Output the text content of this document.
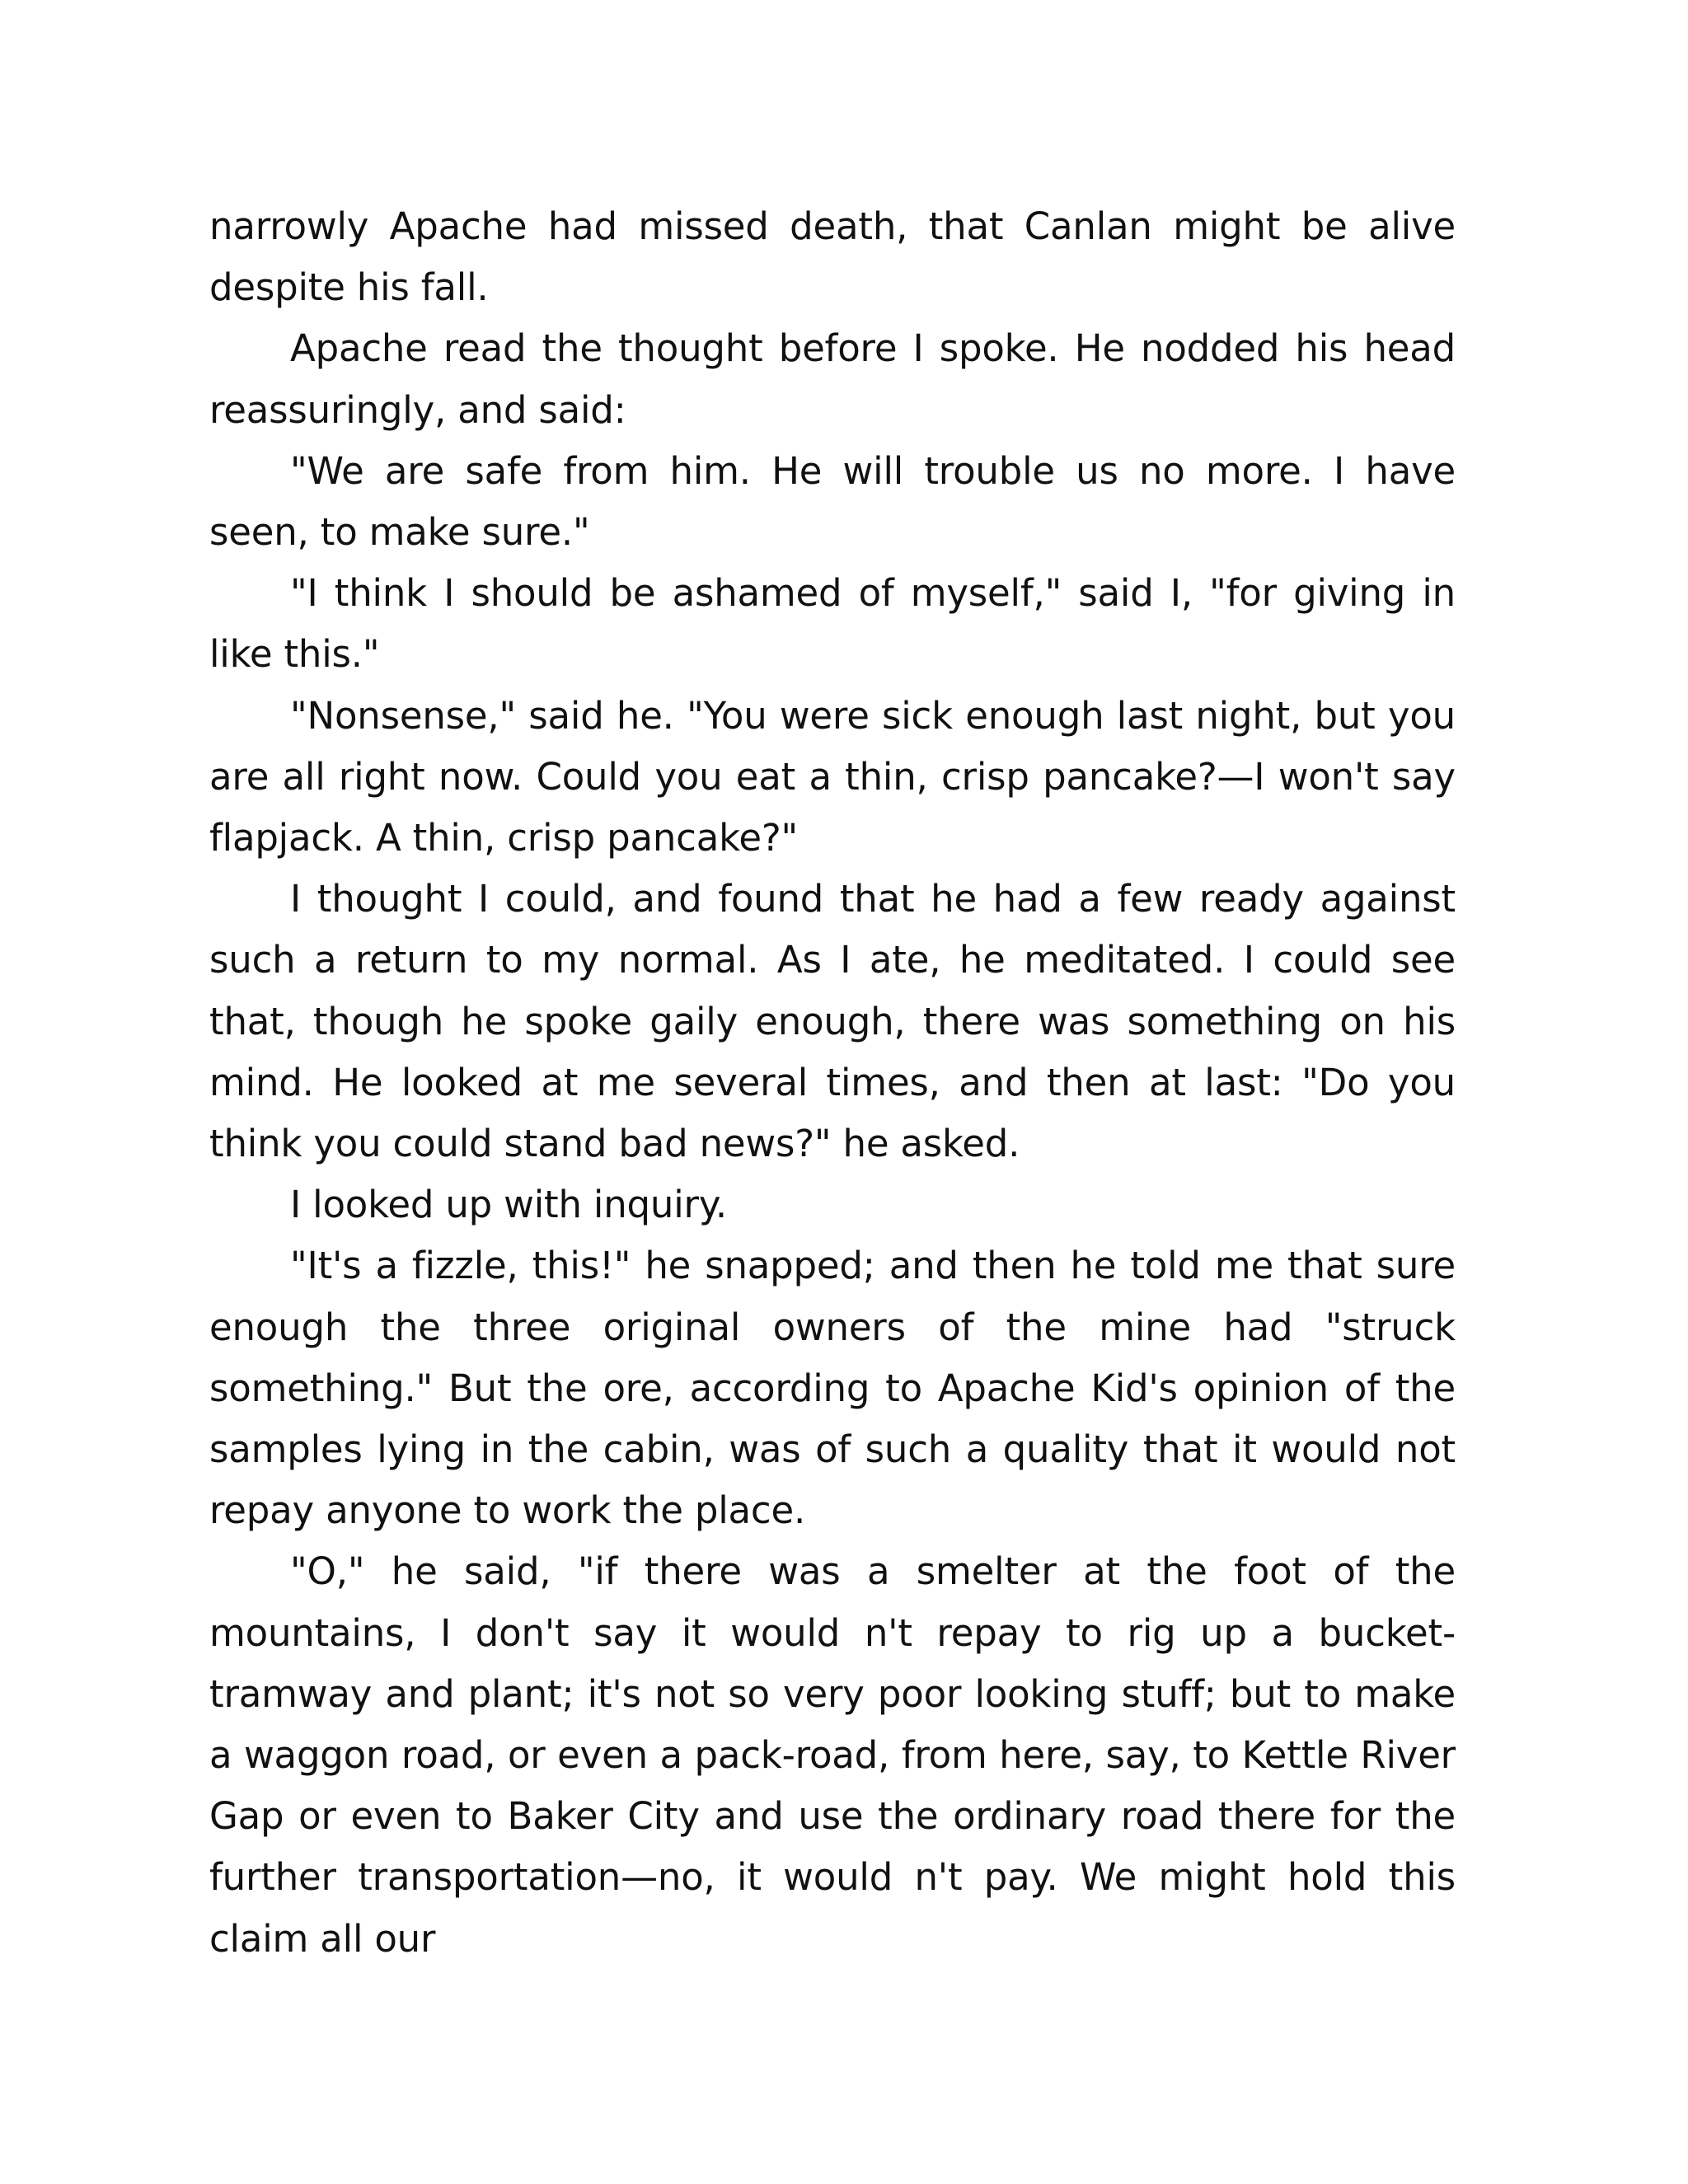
narrowly Apache had missed death, that Canlan might be alive despite his fall.

Apache read the thought before I spoke. He nodded his head reassuringly, and said:

"We are safe from him. He will trouble us no more. I have seen, to make sure."

"I think I should be ashamed of myself," said I, "for giving in like this."

"Nonsense," said he. "You were sick enough last night, but you are all right now. Could you eat a thin, crisp pancake?—I won't say flapjack. A thin, crisp pancake?"

I thought I could, and found that he had a few ready against such a return to my normal. As I ate, he meditated. I could see that, though he spoke gaily enough, there was something on his mind. He looked at me several times, and then at last: "Do you think you could stand bad news?" he asked.

I looked up with inquiry.

"It's a fizzle, this!" he snapped; and then he told me that sure enough the three original owners of the mine had "struck something." But the ore, according to Apache Kid's opinion of the samples lying in the cabin, was of such a quality that it would not repay anyone to work the place.

"O," he said, "if there was a smelter at the foot of the mountains, I don't say it would n't repay to rig up a bucket-tramway and plant; it's not so very poor looking stuff; but to make a waggon road, or even a pack-road, from here, say, to Kettle River Gap or even to Baker City and use the ordinary road there for the further transportation—no, it would n't pay. We might hold this claim all our
